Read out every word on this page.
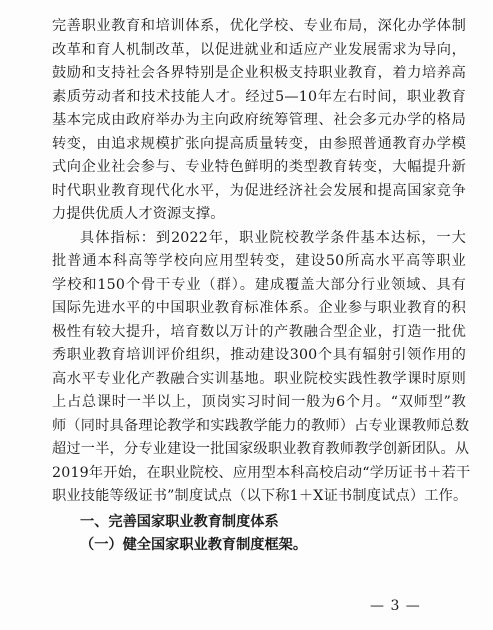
完善职业教育和培训体系，优化学校、专业布局，深化办学体制
改革和育人机制改革，以促进就业和适应产业发展需求为导向，
鼓励和支持社会各界特别是企业积极支持职业教育，着力培养高
素质劳动者和技术技能人才。经过5—10年左右时间，职业教育
基本完成由政府举办为主向政府统筹管理、社会多元办学的格局
转变，由追求规模扩张向提高质量转变，由参照普通教育办学模
式向企业社会参与、专业特色鲜明的类型教育转变，大幅提升新
时代职业教育现代化水平，为促进经济社会发展和提高国家竞争
力提供优质人才资源支撑。
具体指标：到2022年，职业院校教学条件基本达标，一大
批普通本科高等学校向应用型转变，建设50所高水平高等职业
学校和150个骨干专业（群）。建成覆盖大部分行业领域、具有
国际先进水平的中国职业教育标准体系。企业参与职业教育的积
极性有较大提升，培育数以万计的产教融合型企业，打造一批优
秀职业教育培训评价组织，推动建设300个具有辐射引领作用的
高水平专业化产教融合实训基地。职业院校实践性教学课时原则
上占总课时一半以上，顶岗实习时间一般为6个月。“双师型”教
师（同时具备理论教学和实践教学能力的教师）占专业课教师总数
超过一半，分专业建设一批国家级职业教育教师教学创新团队。从
2019年开始，在职业院校、应用型本科高校启动“学历证书＋若干
职业技能等级证书”制度试点（以下称1＋X证书制度试点）工作。
一、完善国家职业教育制度体系
（一）健全国家职业教育制度框架。
— 3 —
